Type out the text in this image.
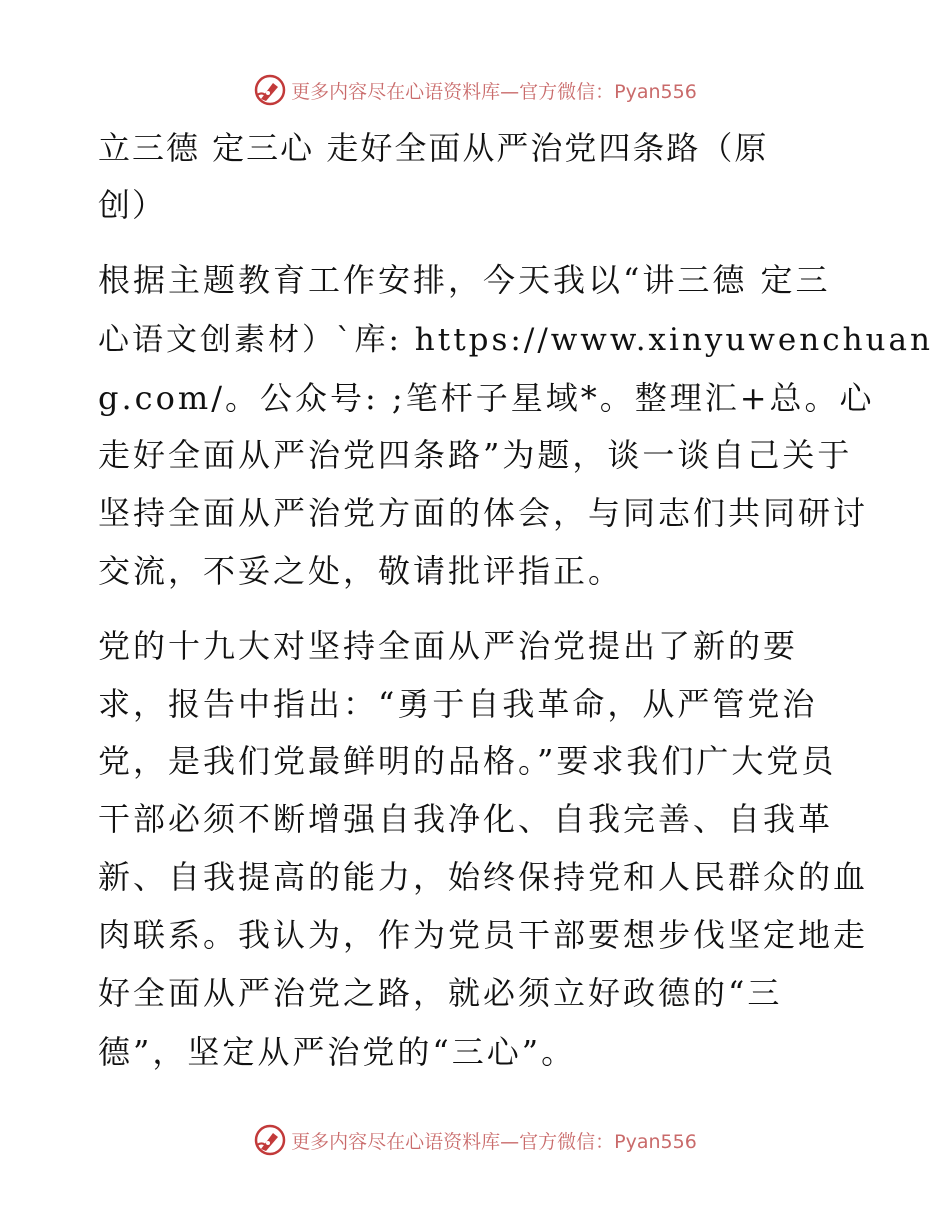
更多内容尽在心语资料库—官方微信：Pyan556
立三德 定三心 走好全面从严治党四条路（原
创）
根据主题教育工作安排，今天我以“讲三德 定三
心语文创素材）`库: https://www.xinyuwenchuan
g.com/。公众号: ;笔杆子星域*。整理汇+总。心
走好全面从严治党四条路”为题，谈一谈自己关于
坚持全面从严治党方面的体会，与同志们共同研讨
交流，不妥之处，敬请批评指正。
党的十九大对坚持全面从严治党提出了新的要
求，报告中指出：“勇于自我革命，从严管党治
党，是我们党最鲜明的品格。”要求我们广大党员
干部必须不断增强自我净化、自我完善、自我革
新、自我提高的能力，始终保持党和人民群众的血
肉联系。我认为，作为党员干部要想步伐坚定地走
好全面从严治党之路，就必须立好政德的“三
德”，坚定从严治党的“三心”。
更多内容尽在心语资料库—官方微信：Pyan556
